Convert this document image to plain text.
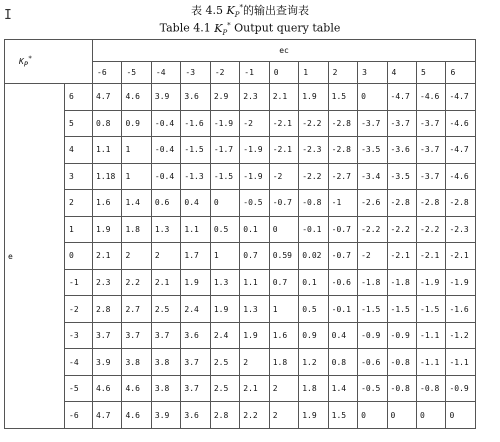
I	表 4.5 $K_P^*$的输出查询表
Table 4.1 $K_P^*$ Output query table
$K_P^*$		ec												
		-6	-5	-4	-3	-2	-1	0	1	2	3	4	5	6
e	6	4.7	4.6	3.9	3.6	2.9	2.3	2.1	1.9	1.5	0	-4.7	-4.6	-4.7
	5	0.8	0.9	-0.4	-1.6	-1.9	-2	-2.1	-2.2	-2.8	-3.7	-3.7	-3.7	-4.6
	4	1.1	1	-0.4	-1.5	-1.7	-1.9	-2.1	-2.3	-2.8	-3.5	-3.6	-3.7	-4.7
	3	1.18	1	-0.4	-1.3	-1.5	-1.9	-2	-2.2	-2.7	-3.4	-3.5	-3.7	-4.6
	2	1.6	1.4	0.6	0.4	0	-0.5	-0.7	-0.8	-1	-2.6	-2.8	-2.8	-2.8
	1	1.9	1.8	1.3	1.1	0.5	0.1	0	-0.1	-0.7	-2.2	-2.2	-2.2	-2.3
	0	2.1	2	2	1.7	1	0.7	0.59	0.02	-0.7	-2	-2.1	-2.1	-2.1
	-1	2.3	2.2	2.1	1.9	1.3	1.1	0.7	0.1	-0.6	-1.8	-1.8	-1.9	-1.9
	-2	2.8	2.7	2.5	2.4	1.9	1.3	1	0.5	-0.1	-1.5	-1.5	-1.5	-1.6
	-3	3.7	3.7	3.7	3.6	2.4	1.9	1.6	0.9	0.4	-0.9	-0.9	-1.1	-1.2
	-4	3.9	3.8	3.8	3.7	2.5	2	1.8	1.2	0.8	-0.6	-0.8	-1.1	-1.1
	-5	4.6	4.6	3.8	3.7	2.5	2.1	2	1.8	1.4	-0.5	-0.8	-0.8	-0.9
	-6	4.7	4.6	3.9	3.6	2.8	2.2	2	1.9	1.5	0	0	0	0
